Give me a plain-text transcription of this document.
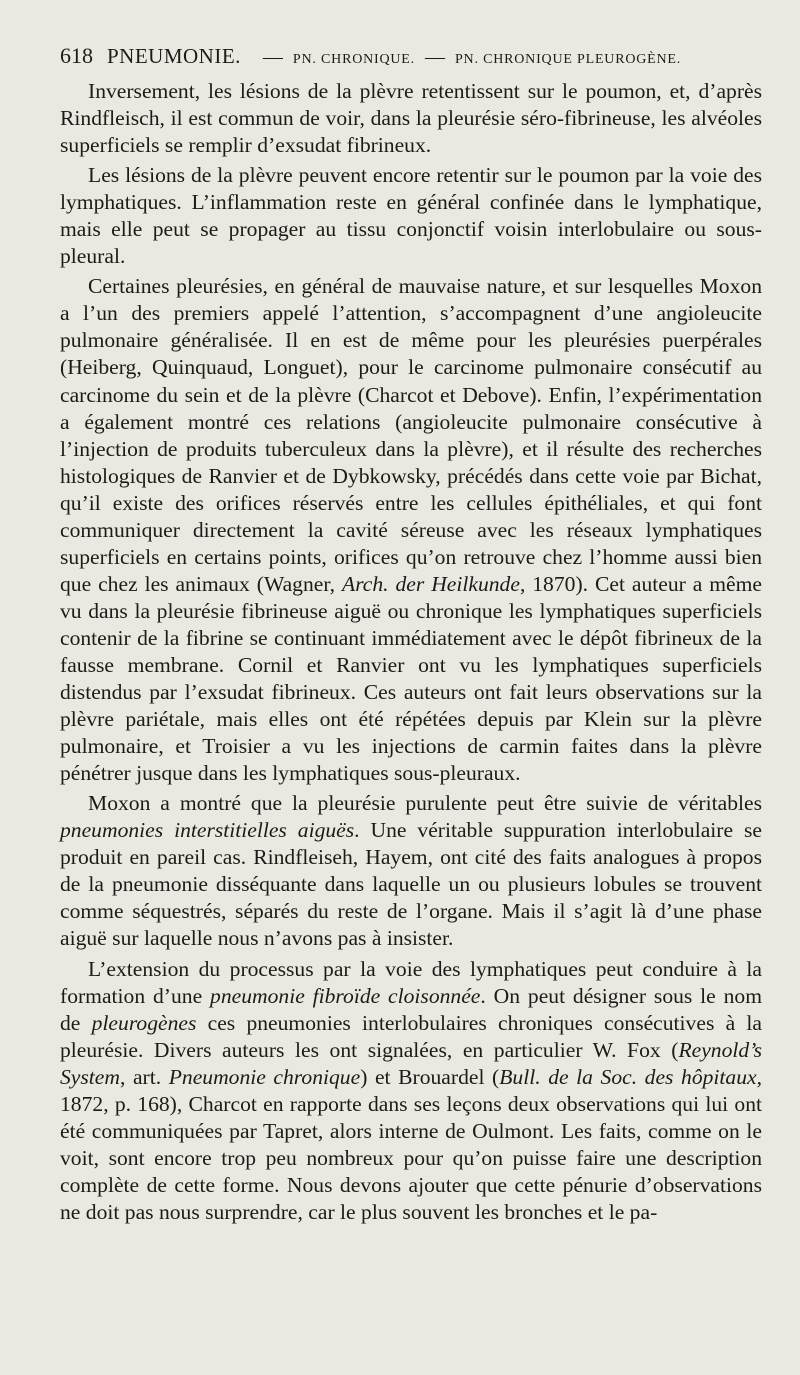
618 PNEUMONIE. — PN. CHRONIQUE. — PN. CHRONIQUE PLEUROGÈNE.

Inversement, les lésions de la plèvre retentissent sur le poumon, et, d’après Rindfleisch, il est commun de voir, dans la pleurésie séro-fibrineuse, les alvéoles superficiels se remplir d’exsudat fibrineux.

Les lésions de la plèvre peuvent encore retentir sur le poumon par la voie des lymphatiques. L’inflammation reste en général confinée dans le lymphatique, mais elle peut se propager au tissu conjonctif voisin interlobulaire ou sous-pleural.

Certaines pleurésies, en général de mauvaise nature, et sur lesquelles Moxon a l’un des premiers appelé l’attention, s’accompagnent d’une angioleucite pulmonaire généralisée. Il en est de même pour les pleurésies puerpérales (Heiberg, Quinquaud, Longuet), pour le carcinome pulmonaire consécutif au carcinome du sein et de la plèvre (Charcot et Debove). Enfin, l’expérimentation a également montré ces relations (angioleucite pulmonaire consécutive à l’injection de produits tuberculeux dans la plèvre), et il résulte des recherches histologiques de Ranvier et de Dybkowsky, précédés dans cette voie par Bichat, qu’il existe des orifices réservés entre les cellules épithéliales, et qui font communiquer directement la cavité séreuse avec les réseaux lymphatiques superficiels en certains points, orifices qu’on retrouve chez l’homme aussi bien que chez les animaux (Wagner, Arch. der Heilkunde, 1870). Cet auteur a même vu dans la pleurésie fibrineuse aiguë ou chronique les lymphatiques superficiels contenir de la fibrine se continuant immédiatement avec le dépôt fibrineux de la fausse membrane. Cornil et Ranvier ont vu les lymphatiques superficiels distendus par l’exsudat fibrineux. Ces auteurs ont fait leurs observations sur la plèvre pariétale, mais elles ont été répétées depuis par Klein sur la plèvre pulmonaire, et Troisier a vu les injections de carmin faites dans la plèvre pénétrer jusque dans les lymphatiques sous-pleuraux.

Moxon a montré que la pleurésie purulente peut être suivie de véritables pneumonies interstitielles aiguës. Une véritable suppuration interlobulaire se produit en pareil cas. Rindfleiseh, Hayem, ont cité des faits analogues à propos de la pneumonie disséquante dans laquelle un ou plusieurs lobules se trouvent comme séquestrés, séparés du reste de l’organe. Mais il s’agit là d’une phase aiguë sur laquelle nous n’avons pas à insister.

L’extension du processus par la voie des lymphatiques peut conduire à la formation d’une pneumonie fibroïde cloisonnée. On peut désigner sous le nom de pleurogènes ces pneumonies interlobulaires chroniques consécutives à la pleurésie. Divers auteurs les ont signalées, en particulier W. Fox (Reynold’s System, art. Pneumonie chronique) et Brouardel (Bull. de la Soc. des hôpitaux, 1872, p. 168), Charcot en rapporte dans ses leçons deux observations qui lui ont été communiquées par Tapret, alors interne de Oulmont. Les faits, comme on le voit, sont encore trop peu nombreux pour qu’on puisse faire une description complète de cette forme. Nous devons ajouter que cette pénurie d’observations ne doit pas nous surprendre, car le plus souvent les bronches et le pa-
